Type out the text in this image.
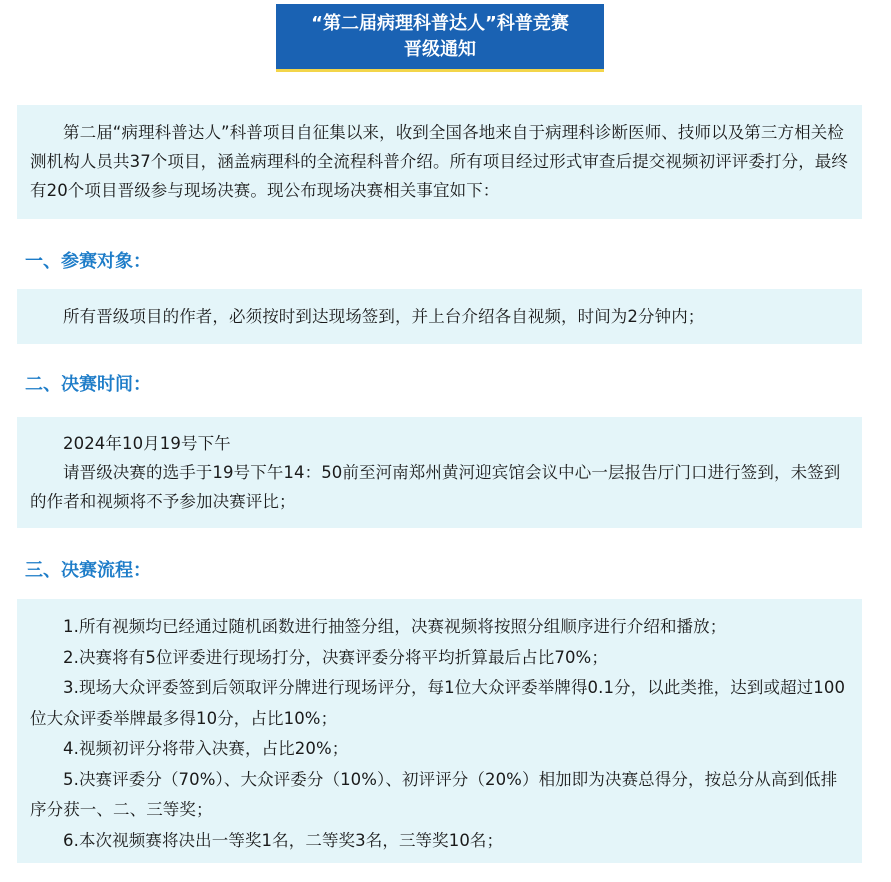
“第二届病理科普达人”科普竞赛
晋级通知

第二届“病理科普达人”科普项目自征集以来，收到全国各地来自于病理科诊断医师、技师以及第三方相关检测机构人员共37个项目，涵盖病理科的全流程科普介绍。所有项目经过形式审查后提交视频初评评委打分，最终有20个项目晋级参与现场决赛。现公布现场决赛相关事宜如下：

一、参赛对象：

所有晋级项目的作者，必须按时到达现场签到，并上台介绍各自视频，时间为2分钟内；

二、决赛时间：

2024年10月19号下午

请晋级决赛的选手于19号下午14：50前至河南郑州黄河迎宾馆会议中心一层报告厅门口进行签到，未签到的作者和视频将不予参加决赛评比；

三、决赛流程：

1.所有视频均已经通过随机函数进行抽签分组，决赛视频将按照分组顺序进行介绍和播放；

2.决赛将有5位评委进行现场打分，决赛评委分将平均折算最后占比70%；

3.现场大众评委签到后领取评分牌进行现场评分，每1位大众评委举牌得0.1分，以此类推，达到或超过100位大众评委举牌最多得10分，占比10%；

4.视频初评分将带入决赛，占比20%；

5.决赛评委分（70%）、大众评委分（10%）、初评评分（20%）相加即为决赛总得分，按总分从高到低排序分获一、二、三等奖；

6.本次视频赛将决出一等奖1名，二等奖3名，三等奖10名；
